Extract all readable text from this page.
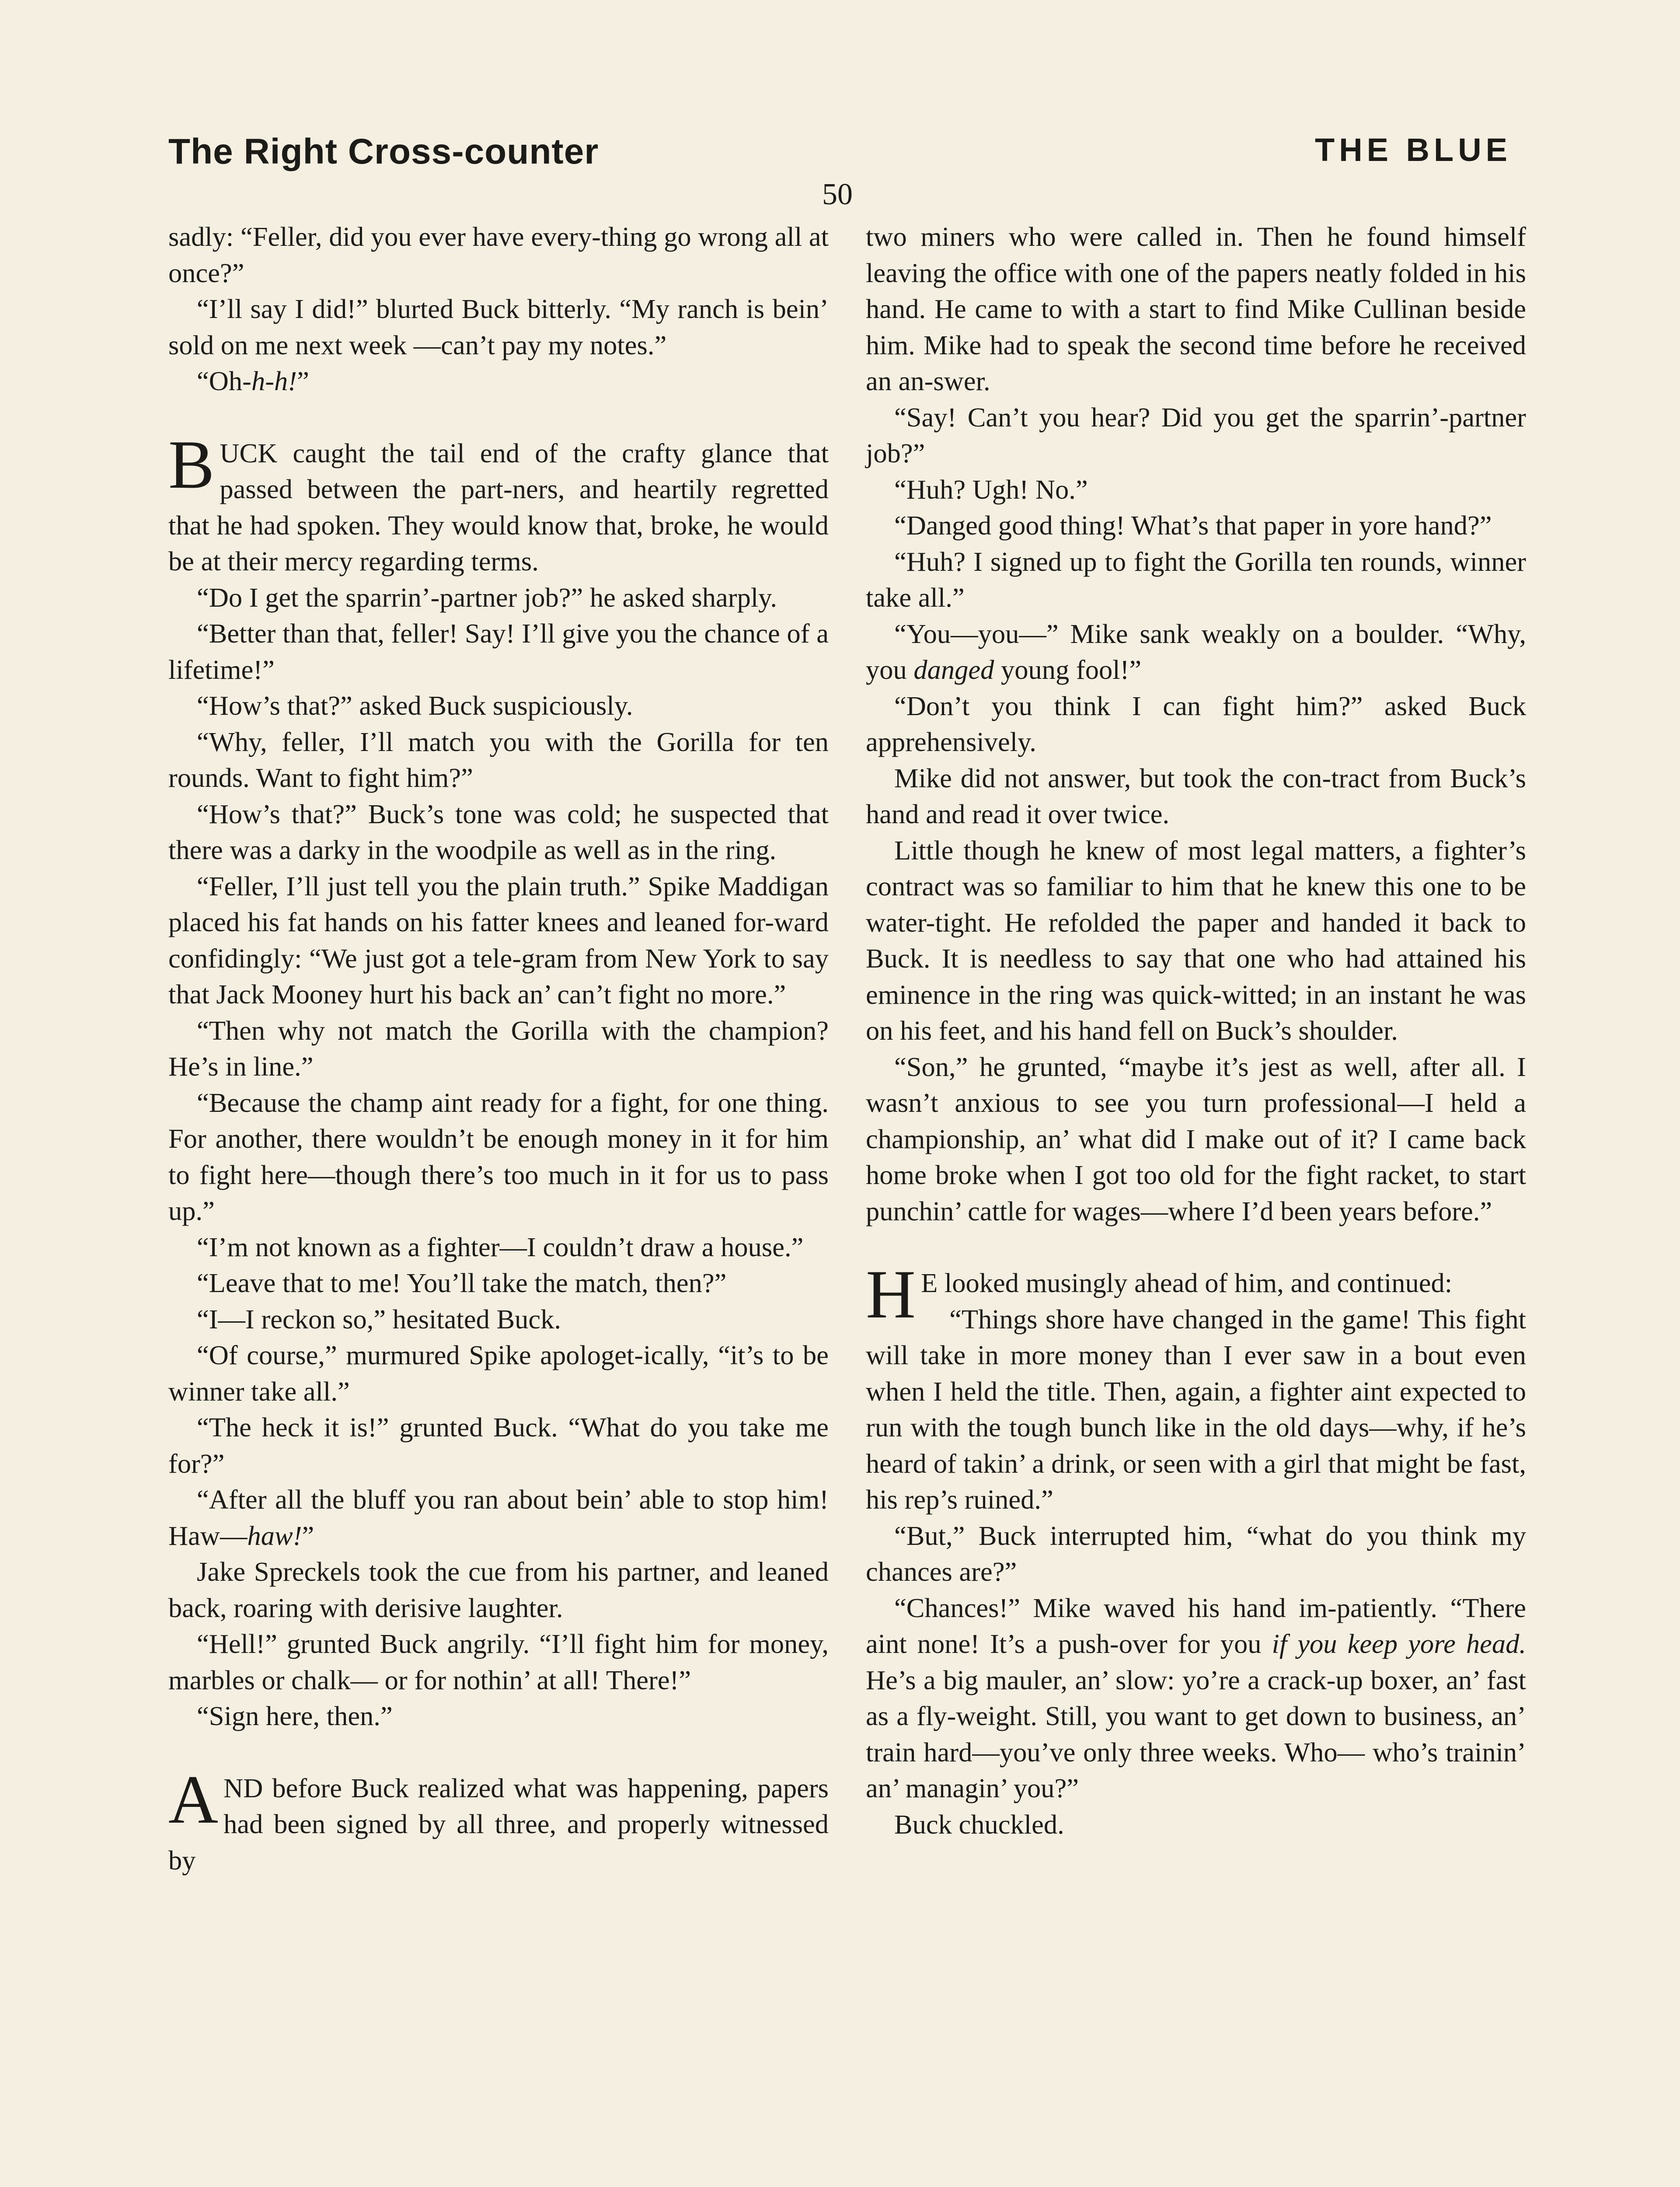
The Right Cross-counter	THE BLUE
50

sadly: “Feller, did you ever have every-thing go wrong all at once?”

“I’ll say I did!” blurted Buck bitterly. “My ranch is bein’ sold on me next week —can’t pay my notes.”

“Oh-h-h!”

BUCK caught the tail end of the crafty glance that passed between the part-ners, and heartily regretted that he had spoken. They would know that, broke, he would be at their mercy regarding terms.

“Do I get the sparrin’-partner job?” he asked sharply.

“Better than that, feller! Say! I’ll give you the chance of a lifetime!”

“How’s that?” asked Buck suspiciously.

“Why, feller, I’ll match you with the Gorilla for ten rounds. Want to fight him?”

“How’s that?” Buck’s tone was cold; he suspected that there was a darky in the woodpile as well as in the ring.

“Feller, I’ll just tell you the plain truth.” Spike Maddigan placed his fat hands on his fatter knees and leaned for-ward confidingly: “We just got a tele-gram from New York to say that Jack Mooney hurt his back an’ can’t fight no more.”

“Then why not match the Gorilla with the champion? He’s in line.”

“Because the champ aint ready for a fight, for one thing. For another, there wouldn’t be enough money in it for him to fight here—though there’s too much in it for us to pass up.”

“I’m not known as a fighter—I couldn’t draw a house.”

“Leave that to me! You’ll take the match, then?”

“I—I reckon so,” hesitated Buck.

“Of course,” murmured Spike apologet-ically, “it’s to be winner take all.”

“The heck it is!” grunted Buck. “What do you take me for?”

“After all the bluff you ran about bein’ able to stop him! Haw—haw!”

Jake Spreckels took the cue from his partner, and leaned back, roaring with derisive laughter.

“Hell!” grunted Buck angrily. “I’ll fight him for money, marbles or chalk— or for nothin’ at all! There!”

“Sign here, then.”

AND before Buck realized what was happening, papers had been signed by all three, and properly witnessed by

two miners who were called in. Then he found himself leaving the office with one of the papers neatly folded in his hand. He came to with a start to find Mike Cullinan beside him. Mike had to speak the second time before he received an an-swer.

“Say! Can’t you hear? Did you get the sparrin’-partner job?”

“Huh? Ugh! No.”

“Danged good thing! What’s that paper in yore hand?”

“Huh? I signed up to fight the Gorilla ten rounds, winner take all.”

“You—you—” Mike sank weakly on a boulder. “Why, you danged young fool!”

“Don’t you think I can fight him?” asked Buck apprehensively.

Mike did not answer, but took the con-tract from Buck’s hand and read it over twice.

Little though he knew of most legal matters, a fighter’s contract was so familiar to him that he knew this one to be water-tight. He refolded the paper and handed it back to Buck. It is needless to say that one who had attained his eminence in the ring was quick-witted; in an instant he was on his feet, and his hand fell on Buck’s shoulder.

“Son,” he grunted, “maybe it’s jest as well, after all. I wasn’t anxious to see you turn professional—I held a championship, an’ what did I make out of it? I came back home broke when I got too old for the fight racket, to start punchin’ cattle for wages—where I’d been years before.”

H E looked musingly ahead of him, and continued:

“Things shore have changed in the game! This fight will take in more money than I ever saw in a bout even when I held the title. Then, again, a fighter aint expected to run with the tough bunch like in the old days—why, if he’s heard of takin’ a drink, or seen with a girl that might be fast, his rep’s ruined.”

“But,” Buck interrupted him, “what do you think my chances are?”

“Chances!” Mike waved his hand im-patiently. “There aint none! It’s a push-over for you if you keep yore head. He’s a big mauler, an’ slow: yo’re a crack-up boxer, an’ fast as a fly-weight. Still, you want to get down to business, an’ train hard—you’ve only three weeks. Who— who’s trainin’ an’ managin’ you?”

Buck chuckled.
